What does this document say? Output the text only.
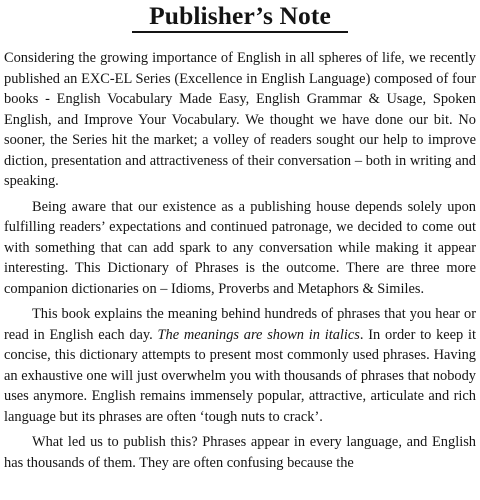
Publisher’s Note

Considering the growing importance of English in all spheres of life, we recently published an EXC-EL Series (Excellence in English Language) composed of four books - English Vocabulary Made Easy, English Grammar & Usage, Spoken English, and Improve Your Vocabulary. We thought we have done our bit. No sooner, the Series hit the market; a volley of readers sought our help to improve diction, presentation and attractiveness of their conversation – both in writing and speaking.

Being aware that our existence as a publishing house depends solely upon fulfilling readers’ expectations and continued patronage, we decided to come out with something that can add spark to any conversation while making it appear interesting. This Dictionary of Phrases is the outcome. There are three more companion dictionaries on – Idioms, Proverbs and Metaphors & Similes.

This book explains the meaning behind hundreds of phrases that you hear or read in English each day. The meanings are shown in italics. In order to keep it concise, this dictionary attempts to present most commonly used phrases. Having an exhaustive one will just overwhelm you with thousands of phrases that nobody uses anymore. English remains immensely popular, attractive, articulate and rich language but its phrases are often ‘tough nuts to crack’.

What led us to publish this? Phrases appear in every language, and English has thousands of them. They are often confusing because the
